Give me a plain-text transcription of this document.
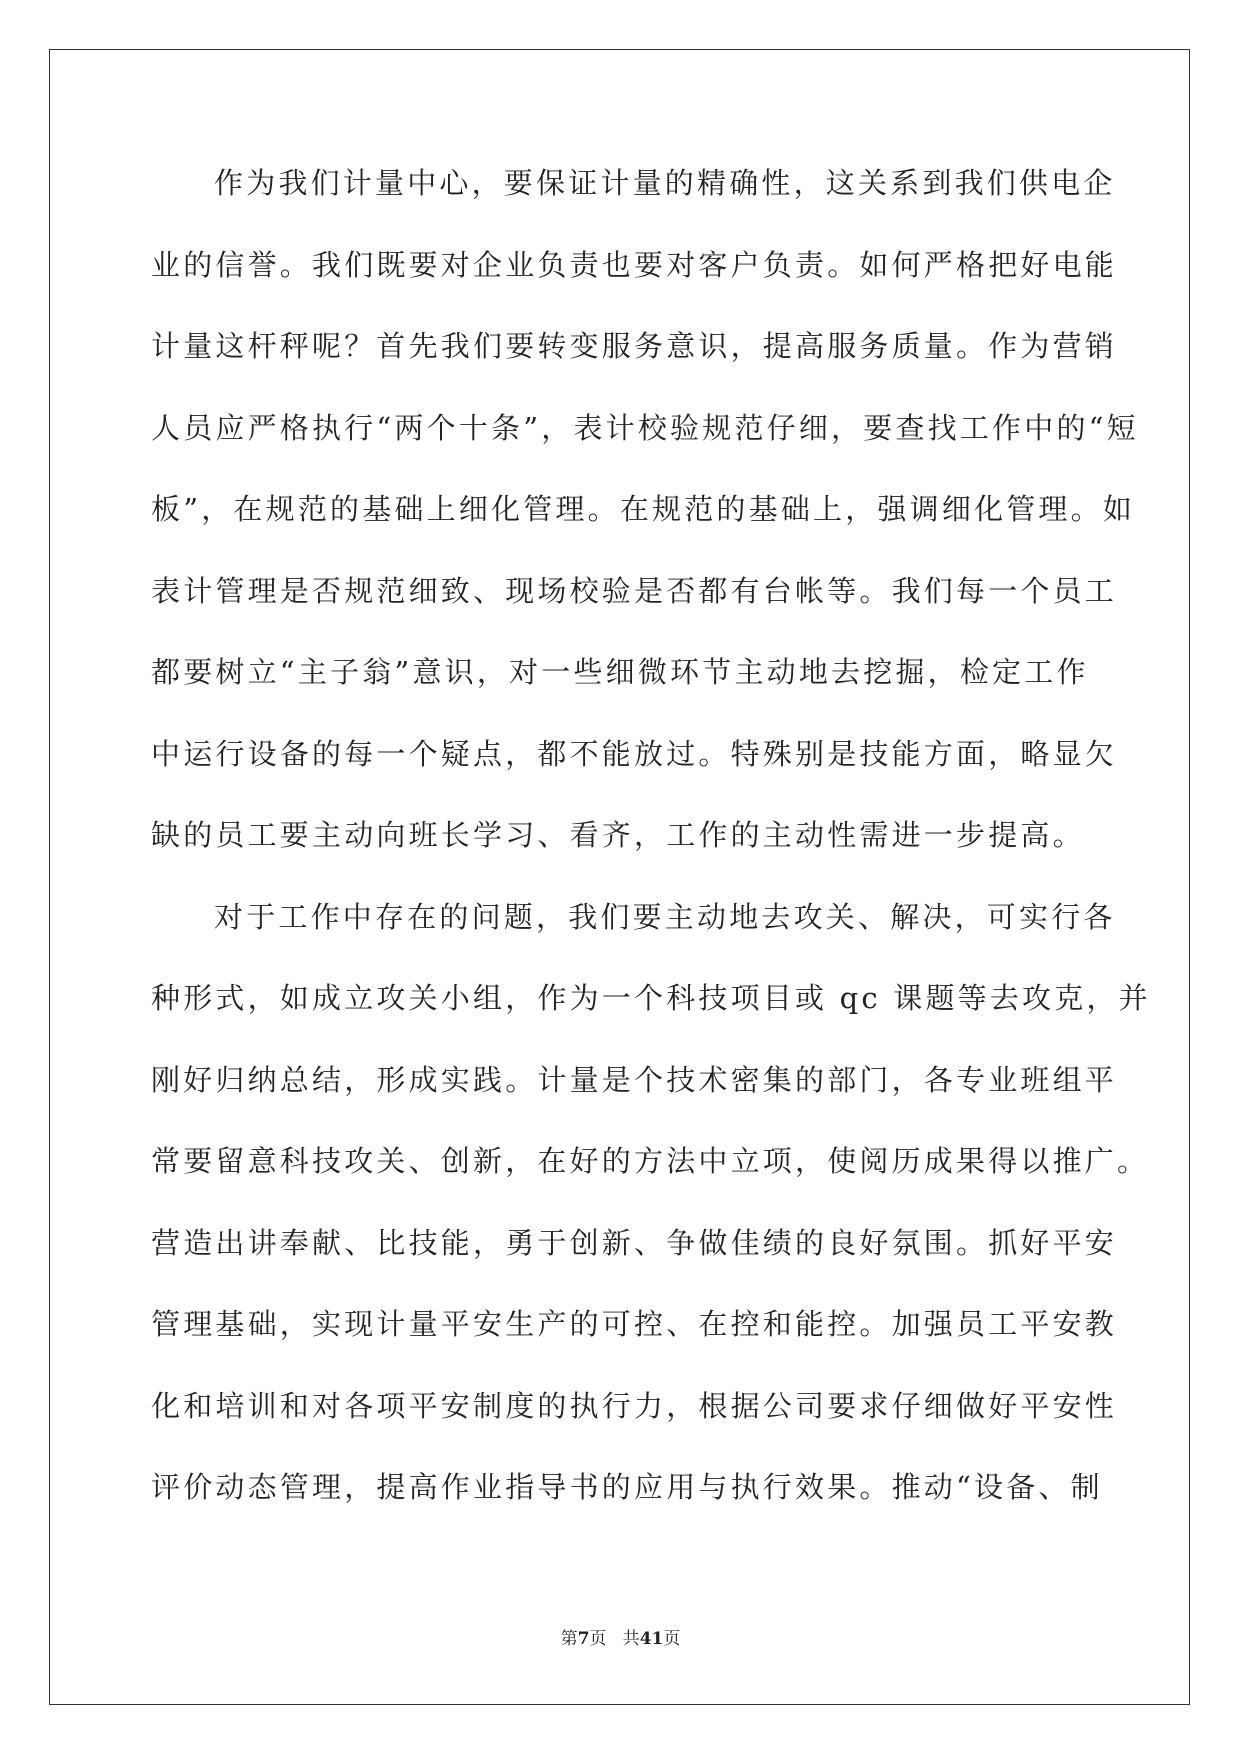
作为我们计量中心，要保证计量的精确性，这关系到我们供电企
业的信誉。我们既要对企业负责也要对客户负责。如何严格把好电能
计量这杆秤呢？首先我们要转变服务意识，提高服务质量。作为营销
人员应严格执行“两个十条”，表计校验规范仔细，要查找工作中的“短
板”，在规范的基础上细化管理。在规范的基础上，强调细化管理。如
表计管理是否规范细致、现场校验是否都有台帐等。我们每一个员工
都要树立“主子翁”意识，对一些细微环节主动地去挖掘，检定工作
中运行设备的每一个疑点，都不能放过。特殊别是技能方面，略显欠
缺的员工要主动向班长学习、看齐，工作的主动性需进一步提高。
对于工作中存在的问题，我们要主动地去攻关、解决，可实行各
种形式，如成立攻关小组，作为一个科技项目或 qc 课题等去攻克，并
刚好归纳总结，形成实践。计量是个技术密集的部门，各专业班组平
常要留意科技攻关、创新，在好的方法中立项，使阅历成果得以推广。
营造出讲奉献、比技能，勇于创新、争做佳绩的良好氛围。抓好平安
管理基础，实现计量平安生产的可控、在控和能控。加强员工平安教
化和培训和对各项平安制度的执行力，根据公司要求仔细做好平安性
评价动态管理，提高作业指导书的应用与执行效果。推动“设备、制
第7页   共41页
